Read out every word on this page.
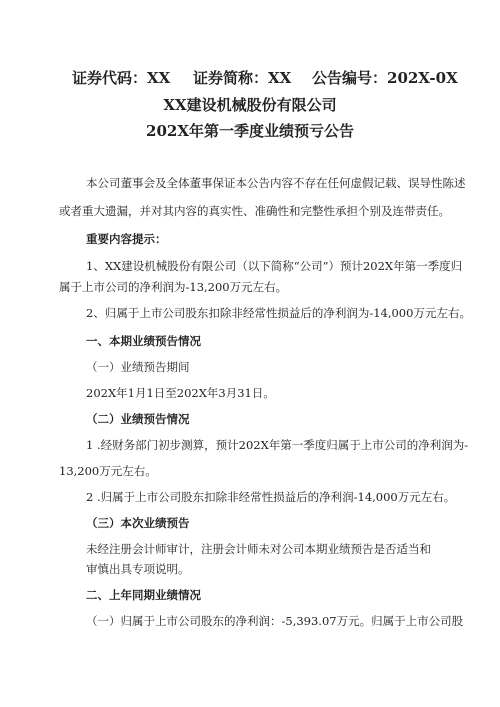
证券代码：XX 证券简称：XX 公告编号：202X-0X
XX建设机械股份有限公司
202X年第一季度业绩预亏公告
本公司董事会及全体董事保证本公告内容不存在任何虚假记载、误导性陈述
或者重大遗漏，并对其内容的真实性、准确性和完整性承担个别及连带责任。
重要内容提示：
1、XX建设机械股份有限公司（以下简称“公司”）预计202X年第一季度归
属于上市公司的净利润为-13,200万元左右。
2、归属于上市公司股东扣除非经常性损益后的净利润为-14,000万元左右。
一、本期业绩预告情况
（一）业绩预告期间
202X年1月1日至202X年3月31日。
（二）业绩预告情况
1 .经财务部门初步测算，预计202X年第一季度归属于上市公司的净利润为-
13,200万元左右。
2 .归属于上市公司股东扣除非经常性损益后的净利润-14,000万元左右。
（三）本次业绩预告
未经注册会计师审计，注册会计师未对公司本期业绩预告是否适当和
审慎出具专项说明。
二、上年同期业绩情况
（一）归属于上市公司股东的净利润：-5,393.07万元。归属于上市公司股
